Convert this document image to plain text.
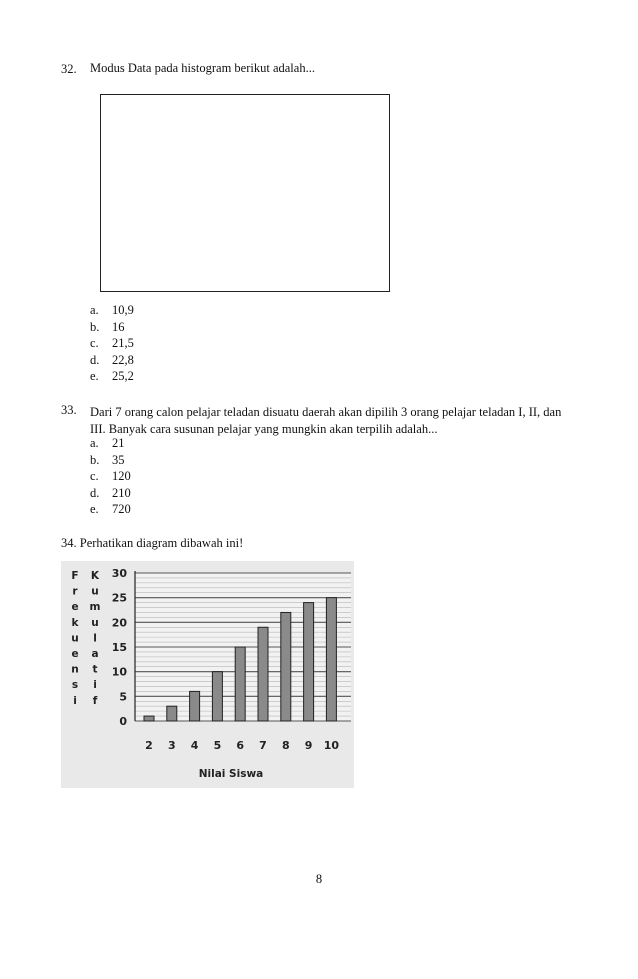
32. Modus Data pada histogram berikut adalah...
a. 10,9
b. 16
c. 21,5
d. 22,8
e. 25,2
33. Dari 7 orang calon pelajar teladan disuatu daerah akan dipilih 3 orang pelajar teladan I, II, dan
III. Banyak cara susunan pelajar yang mungkin akan terpilih adalah...
a. 21
b. 35
c. 120
d. 210
e. 720
34. Perhatikan diagram dibawah ini!
0
5
10
15
20
25
30
F
r
e
k
u
e
n
s
i
K
u
m
u
l
a
t
i
f
2 3 4 5 6 7 8 9 10
Nilai Siswa
8
